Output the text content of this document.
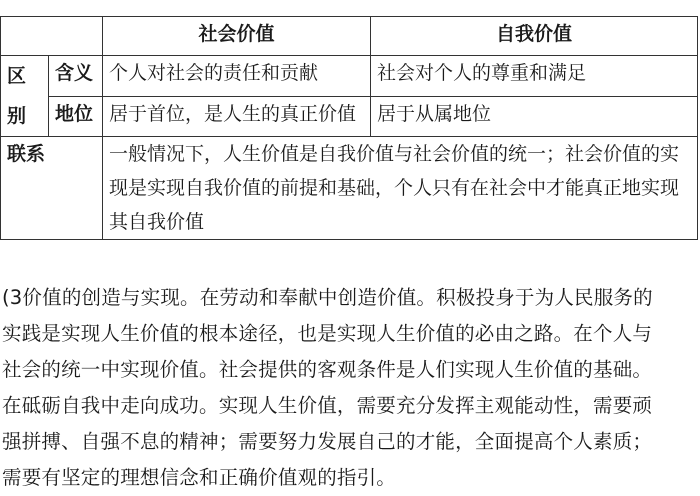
		社会价值	自我价值
区
别	含义	个人对社会的责任和贡献	社会对个人的尊重和满足
	地位	居于首位，是人生的真正价值	居于从属地位
联系		一般情况下，人生价值是自我价值与社会价值的统一；社会价值的实现是实现自我价值的前提和基础，个人只有在社会中才能真正地实现其自我价值	
(3价值的创造与实现。在劳动和奉献中创造价值。积极投身于为人民服务的
实践是实现人生价值的根本途径，也是实现人生价值的必由之路。在个人与
社会的统一中实现价值。社会提供的客观条件是人们实现人生价值的基础。
在砥砺自我中走向成功。实现人生价值，需要充分发挥主观能动性，需要顽
强拼搏、自强不息的精神；需要努力发展自己的才能，全面提高个人素质；
需要有坚定的理想信念和正确价值观的指引。
